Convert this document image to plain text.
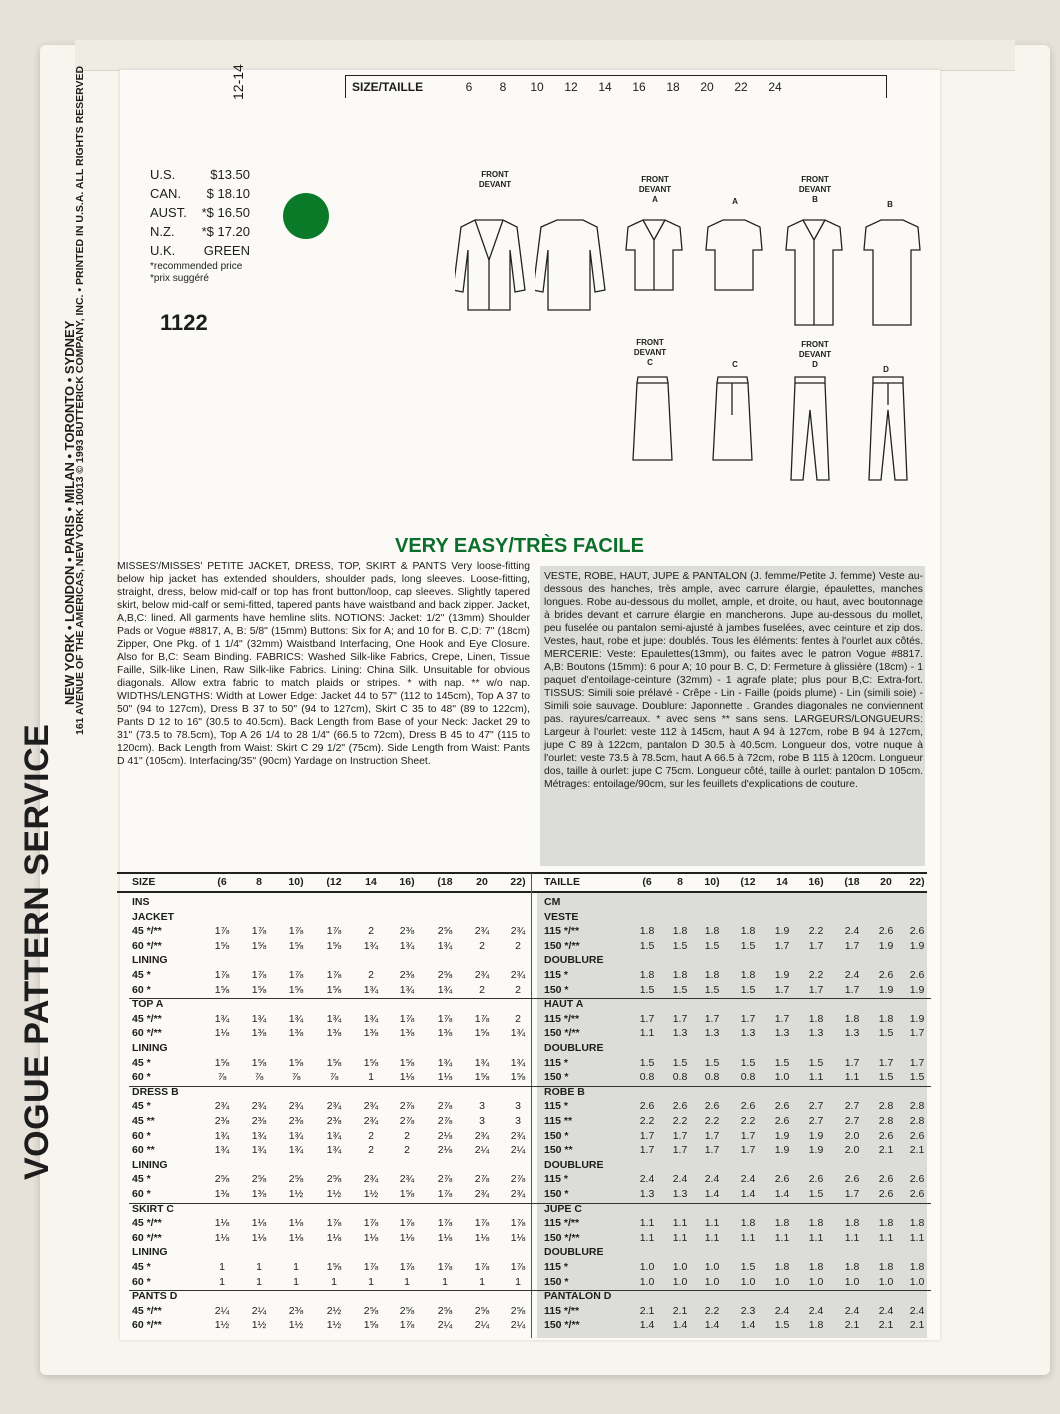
VOGUE PATTERN SERVICE
NEW YORK • LONDON • PARIS • MILAN • TORONTO • SYDNEY
161 AVENUE OF THE AMERICAS, NEW YORK 10013 © 1993 BUTTERICK COMPANY, INC. • PRINTED IN U.S.A. ALL RIGHTS RESERVED	12-14	SIZE/TAILLE	6	8	10	12	14	16	18	20	22	24
U.S.	$13.50
CAN.	$ 18.10
AUST.	*$ 16.50
N.Z.	*$ 17.20
U.K.	GREEN
*recommended price
*prix suggéré
1122
FRONT
DEVANT
FRONT
DEVANT
A	A
FRONT
DEVANT
B
B
FRONT
DEVANT
C	C
FRONT
DEVANT
D
D
VERY EASY/TRÈS FACILE
MISSES'/MISSES' PETITE JACKET, DRESS, TOP, SKIRT & PANTS Very loose-fitting below hip jacket has extended shoulders, shoulder pads, long sleeves. Loose-fitting, straight, dress, below mid-calf or top has front button/loop, cap sleeves. Slightly tapered skirt, below mid-calf or semi-fitted, tapered pants have waistband and back zipper. Jacket, A,B,C: lined. All garments have hemline slits. NOTIONS: Jacket: 1/2" (13mm) Shoulder Pads or Vogue #8817, A, B: 5/8" (15mm) Buttons: Six for A; and 10 for B. C,D: 7" (18cm) Zipper, One Pkg. of 1 1/4" (32mm) Waistband Interfacing, One Hook and Eye Closure. Also for B,C: Seam Binding. FABRICS: Washed Silk-like Fabrics, Crepe, Linen, Tissue Faille, Silk-like Linen, Raw Silk-like Fabrics. Lining: China Silk. Unsuitable for obvious diagonals. Allow extra fabric to match plaids or stripes. * with nap. ** w/o nap. WIDTHS/LENGTHS: Width at Lower Edge: Jacket 44 to 57" (112 to 145cm), Top A 37 to 50" (94 to 127cm), Dress B 37 to 50" (94 to 127cm), Skirt C 35 to 48" (89 to 122cm), Pants D 12 to 16" (30.5 to 40.5cm). Back Length from Base of your Neck: Jacket 29 to 31" (73.5 to 78.5cm), Top A 26 1/4 to 28 1/4" (66.5 to 72cm), Dress B 45 to 47" (115 to 120cm). Back Length from Waist: Skirt C 29 1/2" (75cm). Side Length from Waist: Pants D 41" (105cm). Interfacing/35" (90cm) Yardage on Instruction Sheet.
VESTE, ROBE, HAUT, JUPE & PANTALON (J. femme/Petite J. femme) Veste au-dessous des hanches, très ample, avec carrure élargie, épaulettes, manches longues. Robe au-dessous du mollet, ample, et droite, ou haut, avec boutonnage à brides devant et carrure élargie en mancherons. Jupe au-dessous du mollet, peu fuselée ou pantalon semi-ajusté à jambes fuselées, avec ceinture et zip dos. Vestes, haut, robe et jupe: doublés. Tous les éléments: fentes à l'ourlet aux côtés. MERCERIE: Veste: Epaulettes(13mm), ou faites avec le patron Vogue #8817. A,B: Boutons (15mm): 6 pour A; 10 pour B. C, D: Fermeture à glissière (18cm) - 1 paquet d'entoilage-ceinture (32mm) - 1 agrafe plate; plus pour B,C: Extra-fort. TISSUS: Simili soie prélavé - Crêpe - Lin - Faille (poids plume) - Lin (simili soie) - Simili soie sauvage. Doublure: Japonnette . Grandes diagonales ne conviennent pas. rayures/carreaux. * avec sens ** sans sens. LARGEURS/LONGUEURS: Largeur à l'ourlet: veste 112 à 145cm, haut A 94 à 127cm, robe B 94 à 127cm, jupe C 89 à 122cm, pantalon D 30.5 à 40.5cm. Longueur dos, votre nuque à l'ourlet: veste 73.5 à 78.5cm, haut A 66.5 à 72cm, robe B 115 à 120cm. Longueur dos, taille à ourlet: jupe C 75cm. Longueur côté, taille à ourlet: pantalon D 105cm. Métrages: entoilage/90cm, sur les feuillets d'explications de couture.
SIZE	(6	8	10)	(12	14	16)	(18	20	22)
INS
JACKET
45 */**	1⅞	1⅞	1⅞	1⅞	2	2⅜	2⅝	2¾	2¾
60 */**	1⅝	1⅝	1⅝	1⅝	1¾	1¾	1¾	2	2
LINING
45 *	1⅞	1⅞	1⅞	1⅞	2	2⅜	2⅝	2¾	2¾
60 *	1⅝	1⅝	1⅝	1⅝	1¾	1¾	1¾	2	2
TOP A
45 */**	1¾	1¾	1¾	1¾	1¾	1⅞	1⅞	1⅞	2
60 */**	1⅛	1⅜	1⅜	1⅜	1⅜	1⅜	1⅜	1⅝	1¾
LINING
45 *	1⅝	1⅝	1⅝	1⅝	1⅝	1⅝	1¾	1¾	1¾
60 *	⅞	⅞	⅞	⅞	1	1⅛	1⅛	1⅝	1⅝
DRESS B
45 *	2¾	2¾	2¾	2¾	2¾	2⅞	2⅞	3	3
45 **	2⅜	2⅜	2⅜	2⅜	2¾	2⅞	2⅞	3	3
60 *	1¾	1¾	1¾	1¾	2	2	2⅛	2¾	2¾
60 **	1¾	1¾	1¾	1¾	2	2	2⅛	2¼	2¼
LINING
45 *	2⅝	2⅝	2⅝	2⅝	2¾	2¾	2⅞	2⅞	2⅞
60 *	1⅜	1⅜	1½	1½	1½	1⅝	1⅞	2¾	2¾
SKIRT C
45 */**	1⅛	1⅛	1⅛	1⅞	1⅞	1⅞	1⅞	1⅞	1⅞
60 */**	1⅛	1⅛	1⅛	1⅛	1⅛	1⅛	1⅛	1⅛	1⅛
LINING
45 *	1	1	1	1⅝	1⅞	1⅞	1⅞	1⅞	1⅞
60 *	1	1	1	1	1	1	1	1	1
PANTS D
45 */**	2¼	2¼	2⅜	2½	2⅝	2⅝	2⅝	2⅝	2⅝
60 */**	1½	1½	1½	1½	1⅝	1⅞	2¼	2¼	2¼
TAILLE	(6	8	10)	(12	14	16)	(18	20	22)
CM
VESTE
115 */**	1.8	1.8	1.8	1.8	1.9	2.2	2.4	2.6	2.6
150 */**	1.5	1.5	1.5	1.5	1.7	1.7	1.7	1.9	1.9
DOUBLURE
115 *	1.8	1.8	1.8	1.8	1.9	2.2	2.4	2.6	2.6
150 *	1.5	1.5	1.5	1.5	1.7	1.7	1.7	1.9	1.9
HAUT A
115 */**	1.7	1.7	1.7	1.7	1.7	1.8	1.8	1.8	1.9
150 */**	1.1	1.3	1.3	1.3	1.3	1.3	1.3	1.5	1.7
DOUBLURE
115 *	1.5	1.5	1.5	1.5	1.5	1.5	1.7	1.7	1.7
150 *	0.8	0.8	0.8	0.8	1.0	1.1	1.1	1.5	1.5
ROBE B
115 *	2.6	2.6	2.6	2.6	2.6	2.7	2.7	2.8	2.8
115 **	2.2	2.2	2.2	2.2	2.6	2.7	2.7	2.8	2.8
150 *	1.7	1.7	1.7	1.7	1.9	1.9	2.0	2.6	2.6
150 **	1.7	1.7	1.7	1.7	1.9	1.9	2.0	2.1	2.1
DOUBLURE
115 *	2.4	2.4	2.4	2.4	2.6	2.6	2.6	2.6	2.6
150 *	1.3	1.3	1.4	1.4	1.4	1.5	1.7	2.6	2.6
JUPE C
115 */**	1.1	1.1	1.1	1.8	1.8	1.8	1.8	1.8	1.8
150 */**	1.1	1.1	1.1	1.1	1.1	1.1	1.1	1.1	1.1
DOUBLURE
115 *	1.0	1.0	1.0	1.5	1.8	1.8	1.8	1.8	1.8
150 *	1.0	1.0	1.0	1.0	1.0	1.0	1.0	1.0	1.0
PANTALON D
115 */**	2.1	2.1	2.2	2.3	2.4	2.4	2.4	2.4	2.4
150 */**	1.4	1.4	1.4	1.4	1.5	1.8	2.1	2.1	2.1
